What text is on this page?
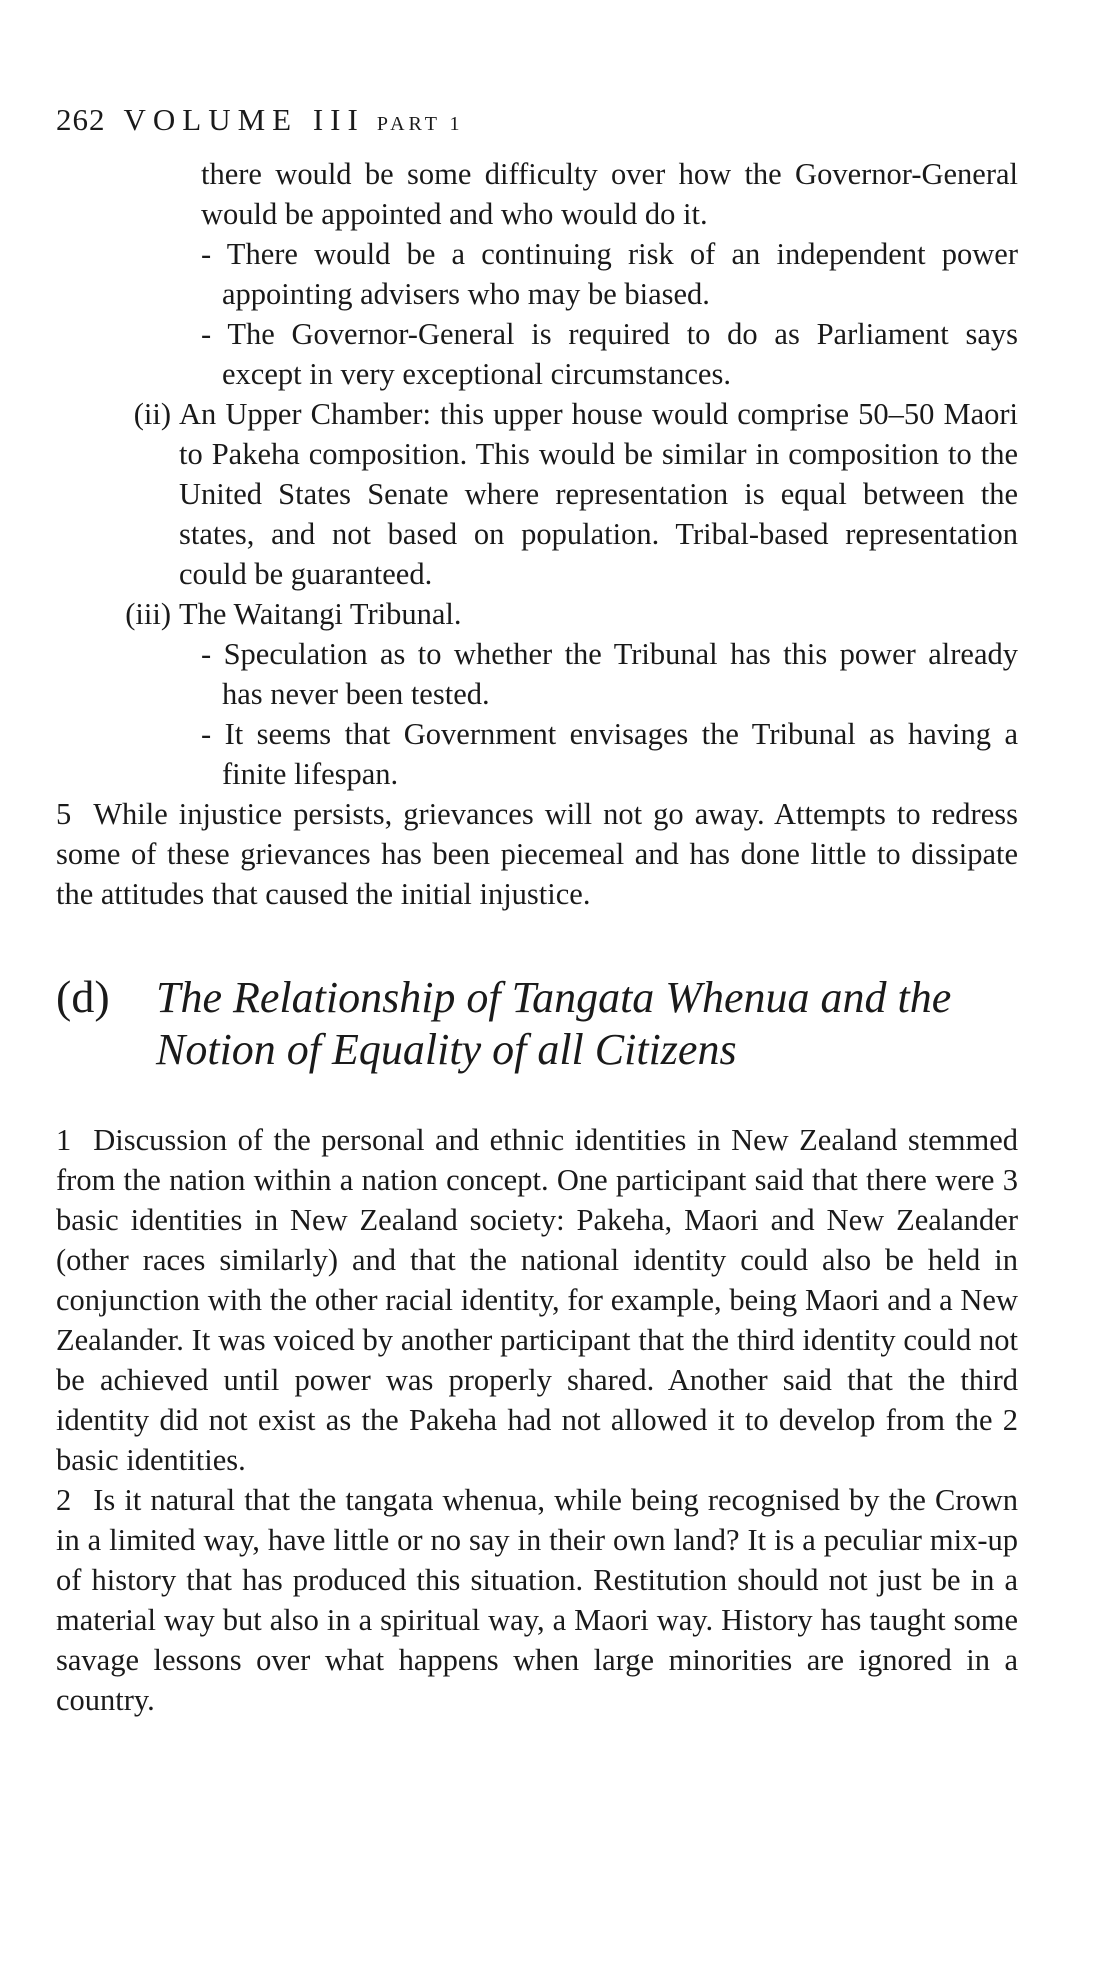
262 VOLUME III PART 1
there would be some difficulty over how the Governor-General would be appointed and who would do it.
- There would be a continuing risk of an independent power appointing advisers who may be biased.
- The Governor-General is required to do as Parliament says except in very exceptional circumstances.
(ii) An Upper Chamber: this upper house would comprise 50–50 Maori to Pakeha composition. This would be similar in composition to the United States Senate where representation is equal between the states, and not based on population. Tribal-based representation could be guaranteed.
(iii) The Waitangi Tribunal.
- Speculation as to whether the Tribunal has this power already has never been tested.
- It seems that Government envisages the Tribunal as having a finite lifespan.
5 While injustice persists, grievances will not go away. Attempts to redress some of these grievances has been piecemeal and has done little to dissipate the attitudes that caused the initial injustice.
(d) The Relationship of Tangata Whenua and the
Notion of Equality of all Citizens
1 Discussion of the personal and ethnic identities in New Zealand stemmed from the nation within a nation concept. One participant said that there were 3 basic identities in New Zealand society: Pakeha, Maori and New Zealander (other races similarly) and that the national identity could also be held in conjunction with the other racial identity, for example, being Maori and a New Zealander. It was voiced by another participant that the third identity could not be achieved until power was properly shared. Another said that the third identity did not exist as the Pakeha had not allowed it to develop from the 2 basic identities.
2 Is it natural that the tangata whenua, while being recognised by the Crown in a limited way, have little or no say in their own land? It is a peculiar mix-up of history that has produced this situation. Restitution should not just be in a material way but also in a spiritual way, a Maori way. History has taught some savage lessons over what happens when large minorities are ignored in a country.
